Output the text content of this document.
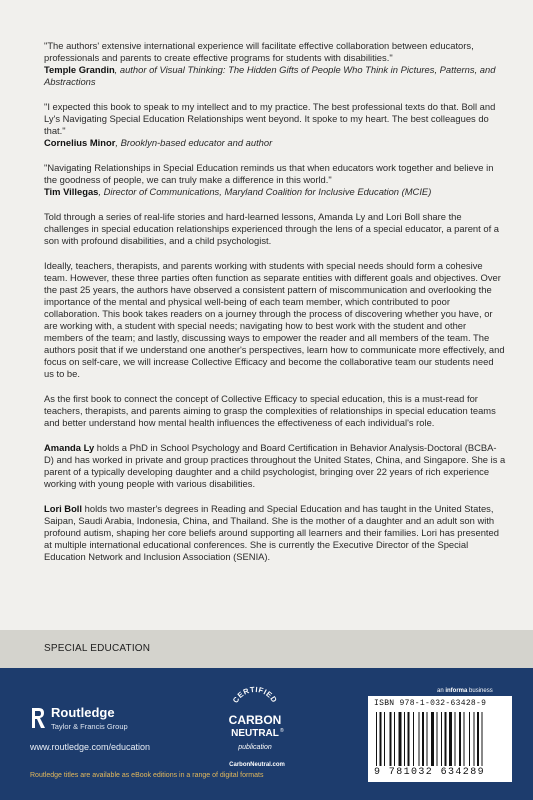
"The authors' extensive international experience will facilitate effective collaboration between educators, professionals and parents to create effective programs for students with disabilities."
Temple Grandin, author of Visual Thinking: The Hidden Gifts of People Who Think in Pictures, Patterns, and Abstractions

"I expected this book to speak to my intellect and to my practice. The best professional texts do that. Boll and Ly's Navigating Special Education Relationships went beyond. It spoke to my heart. The best colleagues do that."
Cornelius Minor, Brooklyn-based educator and author

"Navigating Relationships in Special Education reminds us that when educators work together and believe in the goodness of people, we can truly make a difference in this world."
Tim Villegas, Director of Communications, Maryland Coalition for Inclusive Education (MCIE)

Told through a series of real-life stories and hard-learned lessons, Amanda Ly and Lori Boll share the challenges in special education relationships experienced through the lens of a special educator, a parent of a son with profound disabilities, and a child psychologist.

Ideally, teachers, therapists, and parents working with students with special needs should form a cohesive team. However, these three parties often function as separate entities with different goals and objectives. Over the past 25 years, the authors have observed a consistent pattern of miscommunication and overlooking the importance of the mental and physical well-being of each team member, which contributed to poor collaboration. This book takes readers on a journey through the process of discovering whether you have, or are working with, a student with special needs; navigating how to best work with the student and other members of the team; and lastly, discussing ways to empower the reader and all members of the team. The authors posit that if we understand one another's perspectives, learn how to communicate more effectively, and focus on self-care, we will increase Collective Efficacy and become the collaborative team our students need us to be.

As the first book to connect the concept of Collective Efficacy to special education, this is a must-read for teachers, therapists, and parents aiming to grasp the complexities of relationships in special education teams and better understand how mental health influences the effectiveness of each individual's role.

Amanda Ly holds a PhD in School Psychology and Board Certification in Behavior Analysis-Doctoral (BCBA-D) and has worked in private and group practices throughout the United States, China, and Singapore. She is a parent of a typically developing daughter and a child psychologist, bringing over 22 years of rich experience working with young people with various disabilities.

Lori Boll holds two master's degrees in Reading and Special Education and has taught in the United States, Saipan, Saudi Arabia, Indonesia, China, and Thailand. She is the mother of a daughter and an adult son with profound autism, shaping her core beliefs around supporting all learners and their families. Lori has presented at multiple international educational conferences. She is currently the Executive Director of the Special Education Network and Inclusion Association (SENIA).

SPECIAL EDUCATION
Routledge
Taylor & Francis Group
www.routledge.com/education
Routledge titles are available as eBook editions in a range of digital formats
CERTIFIED
CARBON
NEUTRAL ®
publication
CarbonNeutral.com
an informa business
ISBN 978-1-032-63428-9
9 781032 634289
